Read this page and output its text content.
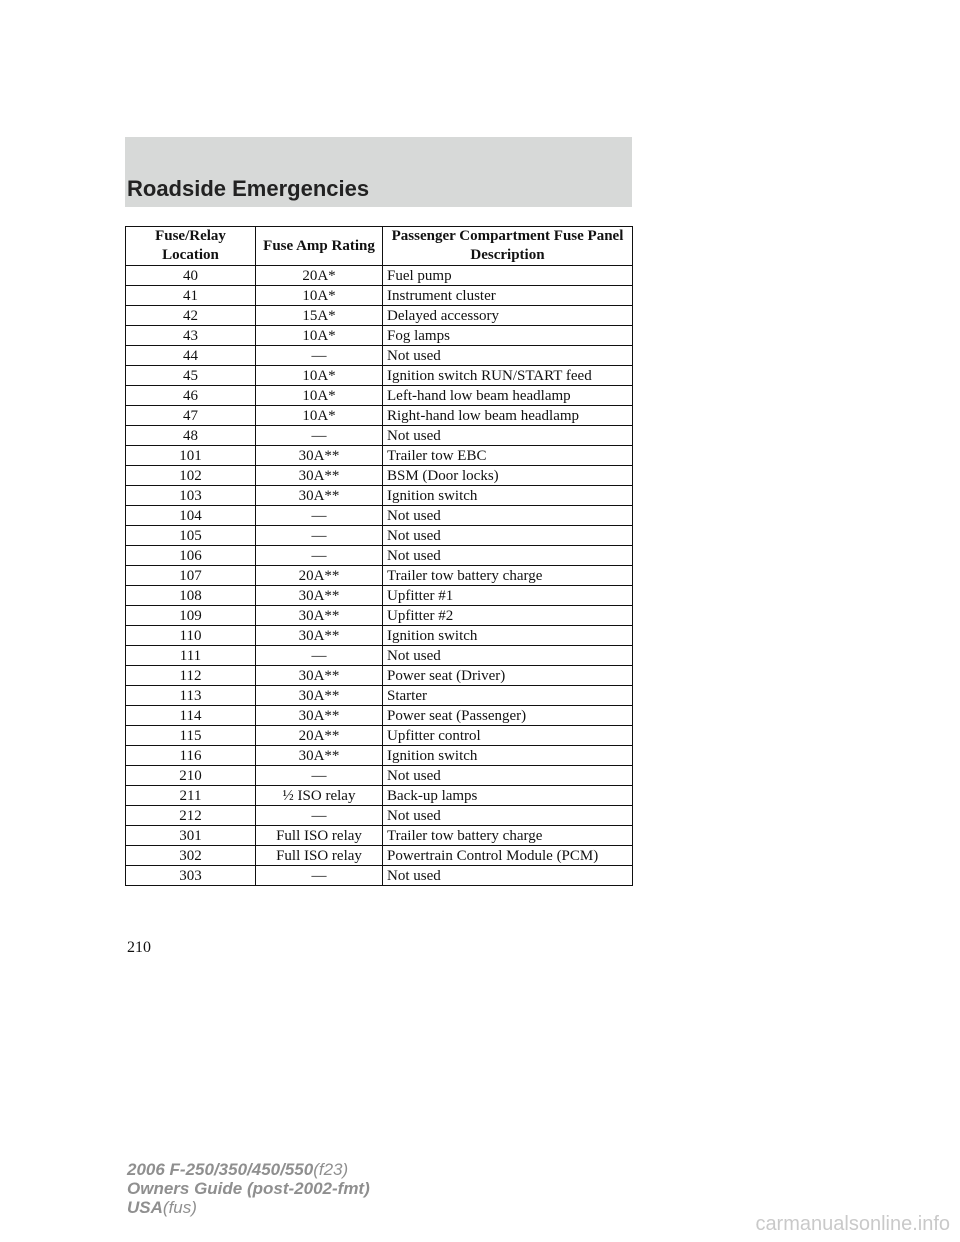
Roadside Emergencies
Fuse/Relay Location	Fuse Amp Rating	Passenger Compartment Fuse Panel Description
40	20A*	Fuel pump
41	10A*	Instrument cluster
42	15A*	Delayed accessory
43	10A*	Fog lamps
44	—	Not used
45	10A*	Ignition switch RUN/START feed
46	10A*	Left-hand low beam headlamp
47	10A*	Right-hand low beam headlamp
48	—	Not used
101	30A**	Trailer tow EBC
102	30A**	BSM (Door locks)
103	30A**	Ignition switch
104	—	Not used
105	—	Not used
106	—	Not used
107	20A**	Trailer tow battery charge
108	30A**	Upfitter #1
109	30A**	Upfitter #2
110	30A**	Ignition switch
111	—	Not used
112	30A**	Power seat (Driver)
113	30A**	Starter
114	30A**	Power seat (Passenger)
115	20A**	Upfitter control
116	30A**	Ignition switch
210	—	Not used
211	½ ISO relay	Back-up lamps
212	—	Not used
301	Full ISO relay	Trailer tow battery charge
302	Full ISO relay	Powertrain Control Module (PCM)
303	—	Not used
210
2006 F-250/350/450/550(f23)
Owners Guide (post-2002-fmt)
USA(fus)
carmanualsonline.info
